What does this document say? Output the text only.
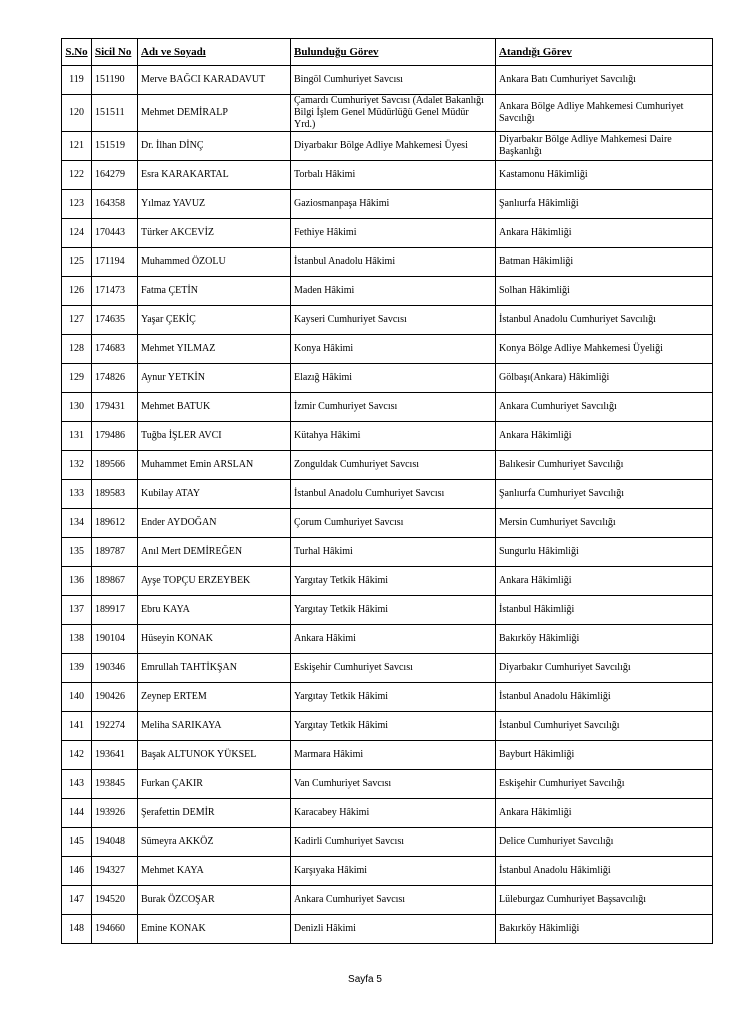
S.No	Sicil No	Adı ve Soyadı	Bulunduğu Görev	Atandığı Görev
119	151190	Merve BAĞCI KARADAVUT	Bingöl Cumhuriyet Savcısı	Ankara Batı Cumhuriyet Savcılığı
120	151511	Mehmet DEMİRALP	Çamardı Cumhuriyet Savcısı (Adalet Bakanlığı Bilgi İşlem Genel Müdürlüğü Genel Müdür Yrd.)	Ankara Bölge Adliye Mahkemesi Cumhuriyet Savcılığı
121	151519	Dr. İlhan DİNÇ	Diyarbakır Bölge Adliye Mahkemesi Üyesi	Diyarbakır Bölge Adliye Mahkemesi Daire Başkanlığı
122	164279	Esra KARAKARTAL	Torbalı Hâkimi	Kastamonu Hâkimliği
123	164358	Yılmaz YAVUZ	Gaziosmanpaşa Hâkimi	Şanlıurfa Hâkimliği
124	170443	Türker AKCEVİZ	Fethiye Hâkimi	Ankara Hâkimliği
125	171194	Muhammed ÖZOLU	İstanbul Anadolu Hâkimi	Batman Hâkimliği
126	171473	Fatma ÇETİN	Maden Hâkimi	Solhan Hâkimliği
127	174635	Yaşar ÇEKİÇ	Kayseri Cumhuriyet Savcısı	İstanbul Anadolu Cumhuriyet Savcılığı
128	174683	Mehmet YILMAZ	Konya Hâkimi	Konya Bölge Adliye Mahkemesi Üyeliği
129	174826	Aynur YETKİN	Elazığ Hâkimi	Gölbaşı(Ankara) Hâkimliği
130	179431	Mehmet BATUK	İzmir Cumhuriyet Savcısı	Ankara Cumhuriyet Savcılığı
131	179486	Tuğba İŞLER AVCI	Kütahya Hâkimi	Ankara Hâkimliği
132	189566	Muhammet Emin ARSLAN	Zonguldak Cumhuriyet Savcısı	Balıkesir Cumhuriyet Savcılığı
133	189583	Kubilay ATAY	İstanbul Anadolu Cumhuriyet Savcısı	Şanlıurfa Cumhuriyet Savcılığı
134	189612	Ender AYDOĞAN	Çorum Cumhuriyet Savcısı	Mersin Cumhuriyet Savcılığı
135	189787	Anıl Mert DEMİREĞEN	Turhal Hâkimi	Sungurlu Hâkimliği
136	189867	Ayşe TOPÇU ERZEYBEK	Yargıtay Tetkik Hâkimi	Ankara Hâkimliği
137	189917	Ebru KAYA	Yargıtay Tetkik Hâkimi	İstanbul Hâkimliği
138	190104	Hüseyin KONAK	Ankara Hâkimi	Bakırköy Hâkimliği
139	190346	Emrullah TAHTİKŞAN	Eskişehir Cumhuriyet Savcısı	Diyarbakır Cumhuriyet Savcılığı
140	190426	Zeynep ERTEM	Yargıtay Tetkik Hâkimi	İstanbul Anadolu Hâkimliği
141	192274	Meliha SARIKAYA	Yargıtay Tetkik Hâkimi	İstanbul Cumhuriyet Savcılığı
142	193641	Başak ALTUNOK YÜKSEL	Marmara Hâkimi	Bayburt Hâkimliği
143	193845	Furkan ÇAKIR	Van Cumhuriyet Savcısı	Eskişehir Cumhuriyet Savcılığı
144	193926	Şerafettin DEMİR	Karacabey Hâkimi	Ankara Hâkimliği
145	194048	Sümeyra AKKÖZ	Kadirli Cumhuriyet Savcısı	Delice Cumhuriyet Savcılığı
146	194327	Mehmet KAYA	Karşıyaka Hâkimi	İstanbul Anadolu Hâkimliği
147	194520	Burak ÖZCOŞAR	Ankara Cumhuriyet Savcısı	Lüleburgaz Cumhuriyet Başsavcılığı
148	194660	Emine KONAK	Denizli Hâkimi	Bakırköy Hâkimliği
Sayfa 5
